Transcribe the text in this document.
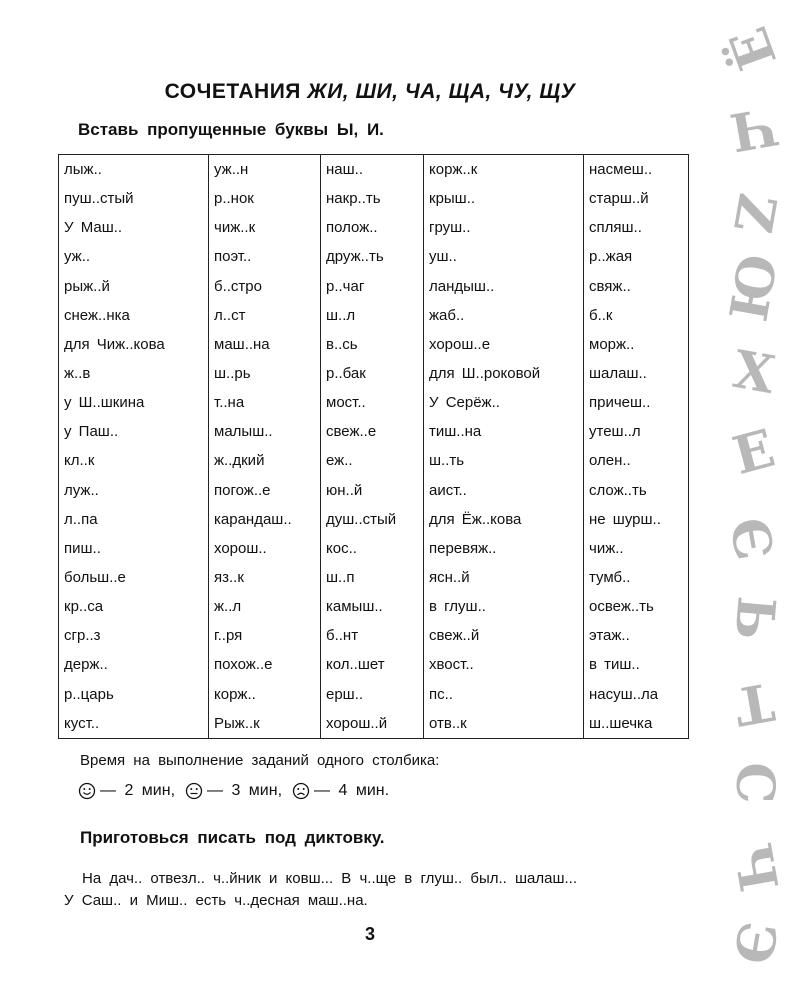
СОЧЕТАНИЯ ЖИ, ШИ, ЧА, ЩА, ЧУ, ЩУ
Вставь пропущенные буквы Ы, И.
лыж..	уж..н	наш..	корж..к	насмеш..
пуш..стый	р..нок	накр..ть	крыш..	старш..й
У Маш..	чиж..к	полож..	груш..	спляш..
уж..	поэт..	друж..ть	уш..	р..жая
рыж..й	б..стро	р..чаг	ландыш..	свяж..
снеж..нка	л..ст	ш..л	жаб..	б..к
для Чиж..кова	маш..на	в..сь	хорош..е	морж..
ж..в	ш..рь	р..бак	для Ш..роковой	шалаш..
у Ш..шкина	т..на	мост..	У Серёж..	причеш..
у Паш..	малыш..	свеж..е	тиш..на	утеш..л
кл..к	ж..дкий	еж..	ш..ть	олен..
луж..	погож..е	юн..й	аист..	слож..ть
л..па	карандаш..	душ..стый	для Ёж..кова	не шурш..
пиш..	хорош..	кос..	перевяж..	чиж..
больш..е	яз..к	ш..п	ясн..й	тумб..
кр..са	ж..л	камыш..	в глуш..	освеж..ть
сгр..з	г..ря	б..нт	свеж..й	этаж..
держ..	похож..е	кол..шет	хвост..	в тиш..
р..царь	корж..	ерш..	пс..	насуш..ла
куст..	Рыж..к	хорош..й	отв..к	ш..шечка
Время на выполнение заданий одного столбика:
— 2 мин, — 3 мин, — 4 мин.
Приготовься писать под диктовку.
На дач.. отвезл.. ч..йник и ковш... В ч..ще в глуш.. был.. шалаш...
У Саш.. и Миш.. есть ч..десная маш..на.
3
Ё
Ч
Z
Ю
Х
Е
Э
Ь
Т
С
Ч
Э
